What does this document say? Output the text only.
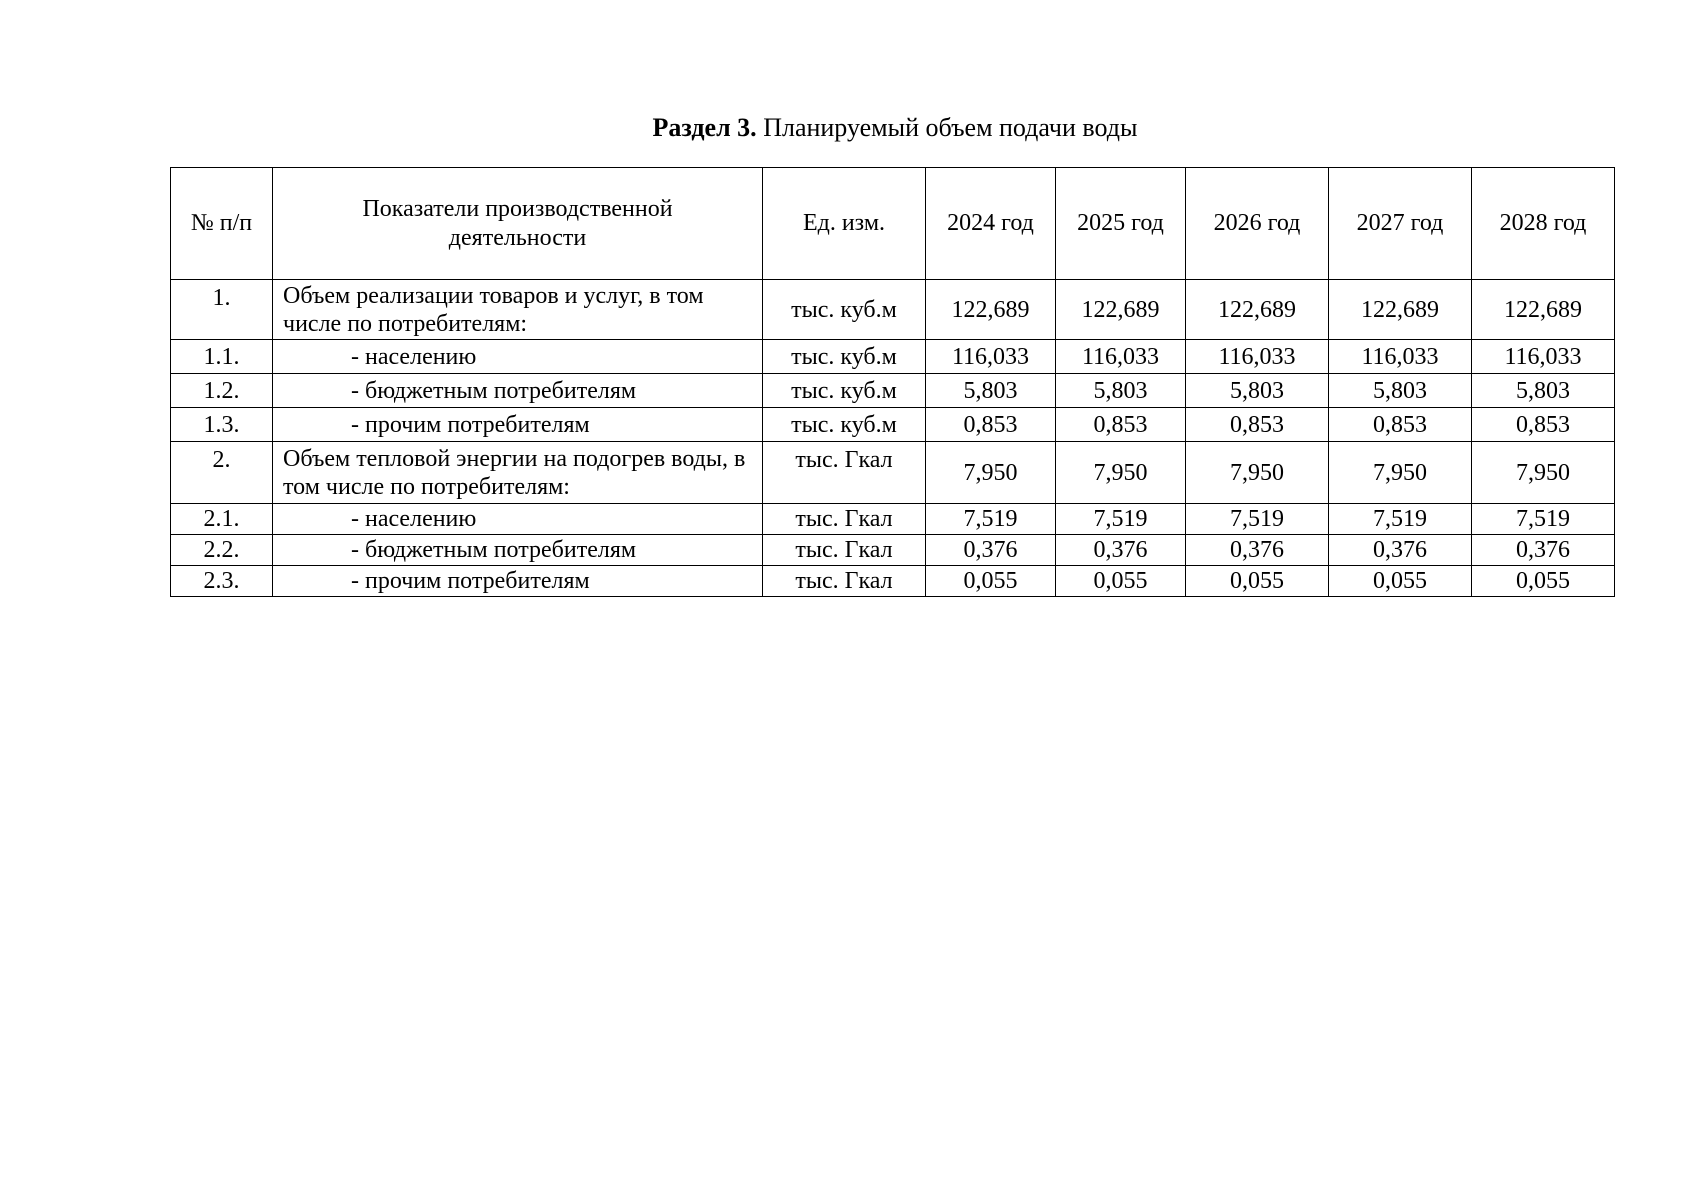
Раздел 3. Планируемый объем подачи воды
№ п/п	Показатели производственной деятельности	Ед. изм.	2024 год	2025 год	2026 год	2027 год	2028 год
1.	Объем реализации товаров и услуг, в том числе по потребителям:	тыс. куб.м	122,689	122,689	122,689	122,689	122,689
1.1.	- населению	тыс. куб.м	116,033	116,033	116,033	116,033	116,033
1.2.	- бюджетным потребителям	тыс. куб.м	5,803	5,803	5,803	5,803	5,803
1.3.	- прочим потребителям	тыс. куб.м	0,853	0,853	0,853	0,853	0,853
2.	Объем тепловой энергии на подогрев воды, в том числе по потребителям:	тыс. Гкал	7,950	7,950	7,950	7,950	7,950
2.1.	- населению	тыс. Гкал	7,519	7,519	7,519	7,519	7,519
2.2.	- бюджетным потребителям	тыс. Гкал	0,376	0,376	0,376	0,376	0,376
2.3.	- прочим потребителям	тыс. Гкал	0,055	0,055	0,055	0,055	0,055
